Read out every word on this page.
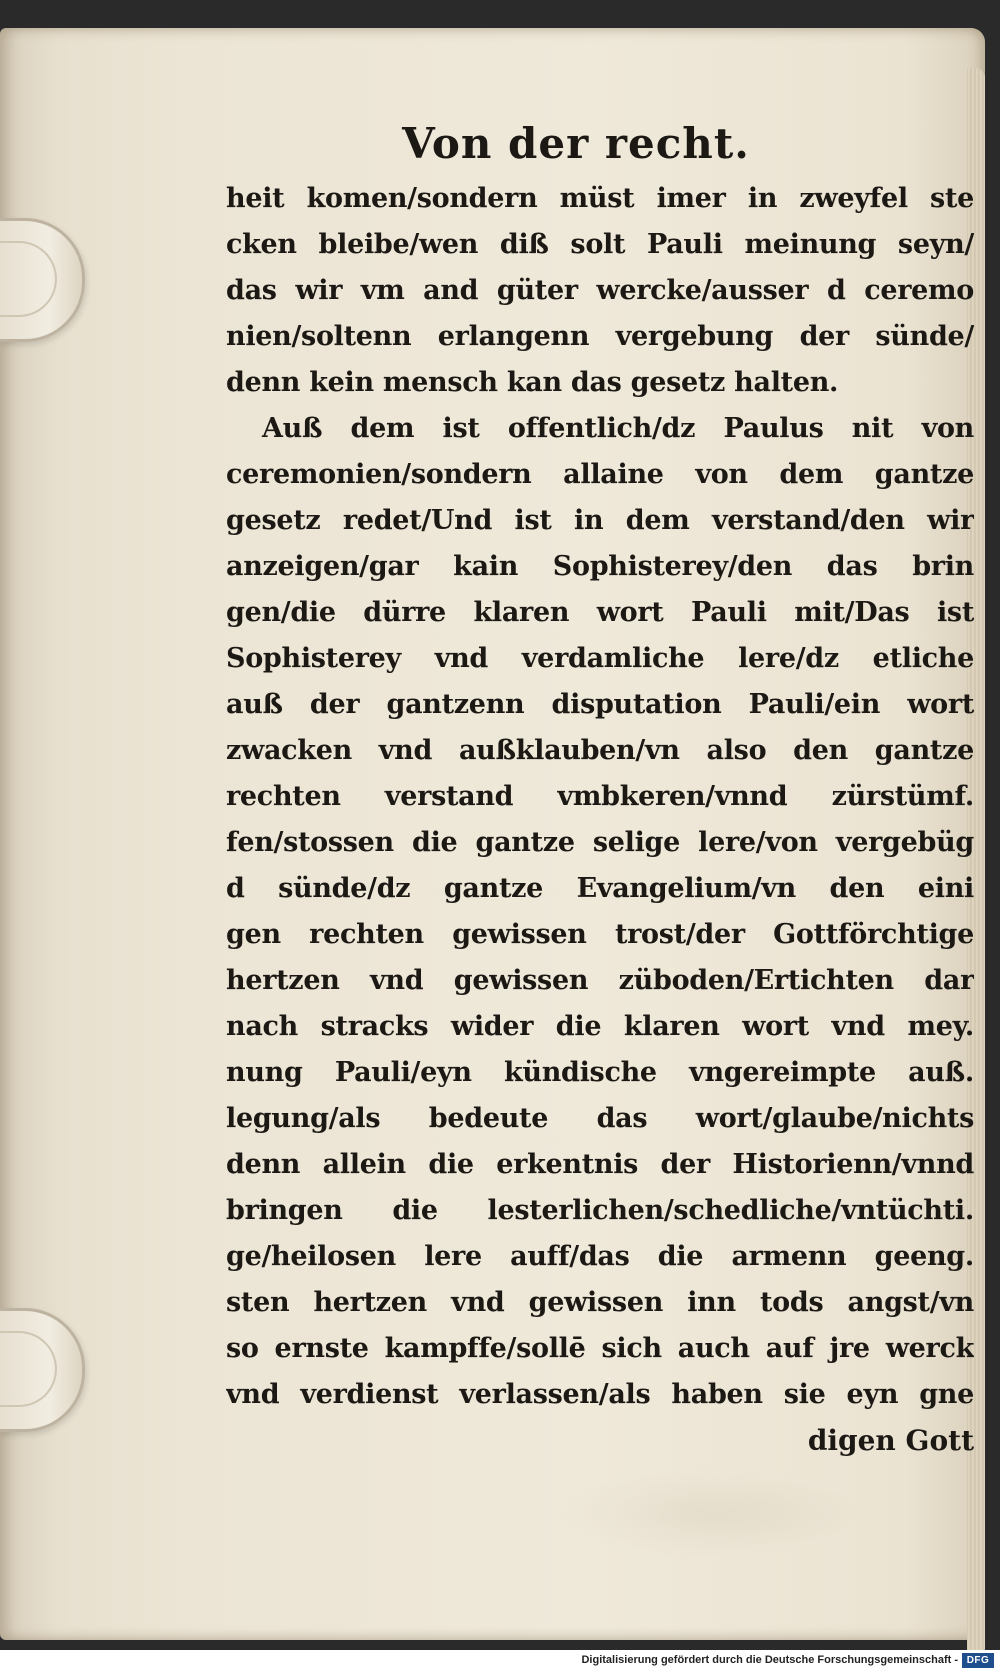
Von der recht.
heit komen/sondern müst imer in zweyfel ste
cken bleibe/wen diß solt Pauli meinung seyn/
das wir vm and güter wercke/ausser d ceremo
nien/soltenn erlangenn vergebung der sünde/
denn kein mensch kan das gesetz halten.
Auß dem ist offentlich/dz Paulus nit von
ceremonien/sondern allaine von dem gantze
gesetz redet/Und ist in dem verstand/den wir
anzeigen/gar kain Sophisterey/den das brin
gen/die dürre klaren wort Pauli mit/Das ist
Sophisterey vnd verdamliche lere/dz etliche
auß der gantzenn disputation Pauli/ein wort
zwacken vnd außklauben/vn also den gantze
rechten verstand vmbkeren/vnnd zürstümf.
fen/stossen die gantze selige lere/von vergebüg
d sünde/dz gantze Evangelium/vn den eini
gen rechten gewissen trost/der Gottförchtige
hertzen vnd gewissen züboden/Ertichten dar
nach stracks wider die klaren wort vnd mey.
nung Pauli/eyn kündische vngereimpte auß.
legung/als bedeute das wort/glaube/nichts
denn allein die erkentnis der Historienn/vnnd
bringen die lesterlichen/schedliche/vntüchti.
ge/heilosen lere auff/das die armenn geeng.
sten hertzen vnd gewissen inn tods angst/vn
so ernste kampffe/sollē sich auch auf jre werck
vnd verdienst verlassen/als haben sie eyn gne
digen Gott
Digitalisierung gefördert durch die Deutsche Forschungsgemeinschaft - DFG
